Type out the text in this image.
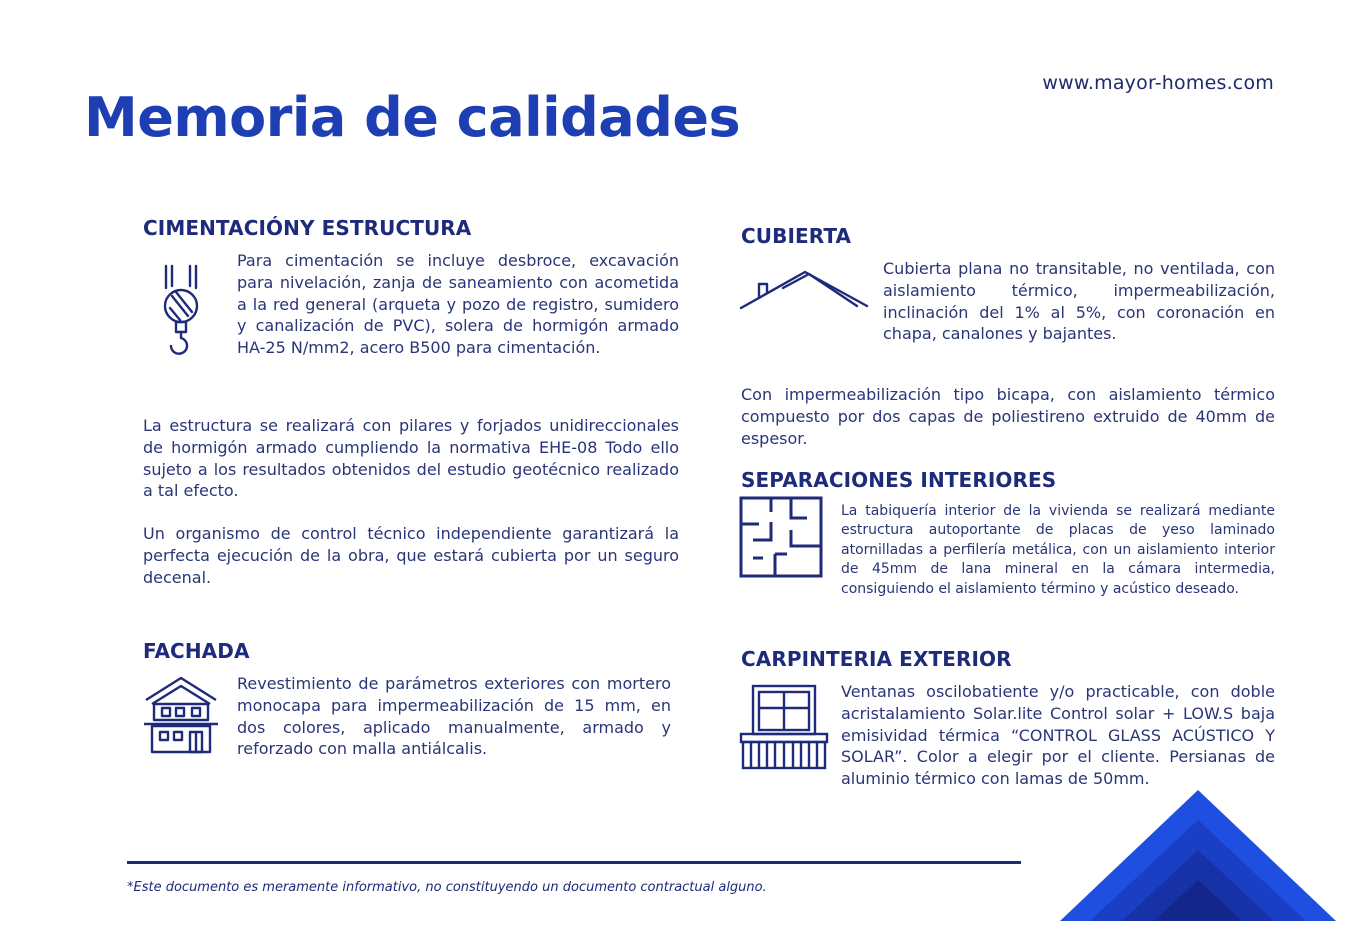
www.mayor-homes.com
Memoria de calidades
CIMENTACIÓNY ESTRUCTURA

Para cimentación se incluye desbroce, excavación para nivelación, zanja de saneamiento con acometida a la red general (arqueta y pozo de registro, sumidero y canalización de PVC), solera de hormigón armado HA-25 N/mm2, acero B500 para cimentación.

La estructura se realizará con pilares y forjados unidireccionales de hormigón armado cumpliendo la normativa EHE-08 Todo ello sujeto a los resultados obtenidos del estudio geotécnico realizado a tal efecto.

Un organismo de control técnico independiente garantizará la perfecta ejecución de la obra, que estará cubierta por un seguro decenal.

FACHADA

Revestimiento de parámetros exteriores con mortero monocapa para impermeabilización de 15 mm, en dos colores, aplicado manualmente, armado y reforzado con malla antiálcalis.

CUBIERTA

Cubierta plana no transitable, no ventilada, con aislamiento térmico, impermeabilización, inclinación del 1% al 5%, con coronación en chapa, canalones y bajantes.

Con impermeabilización tipo bicapa, con aislamiento térmico compuesto por dos capas de poliestireno extruido de 40mm de espesor.

SEPARACIONES INTERIORES

La tabiquería interior de la vivienda se realizará mediante estructura autoportante de placas de yeso laminado atornilladas a perfilería metálica, con un aislamiento interior de 45mm de lana mineral en la cámara intermedia, consiguiendo el aislamiento término y acústico deseado.

CARPINTERIA EXTERIOR

Ventanas oscilobatiente y/o practicable, con doble acristalamiento Solar.lite Control solar + LOW.S baja emisividad térmica “CONTROL GLASS ACÚSTICO Y SOLAR”. Color a elegir por el cliente. Persianas de aluminio térmico con lamas de 50mm.

*Este documento es meramente informativo, no constituyendo un documento contractual alguno.
